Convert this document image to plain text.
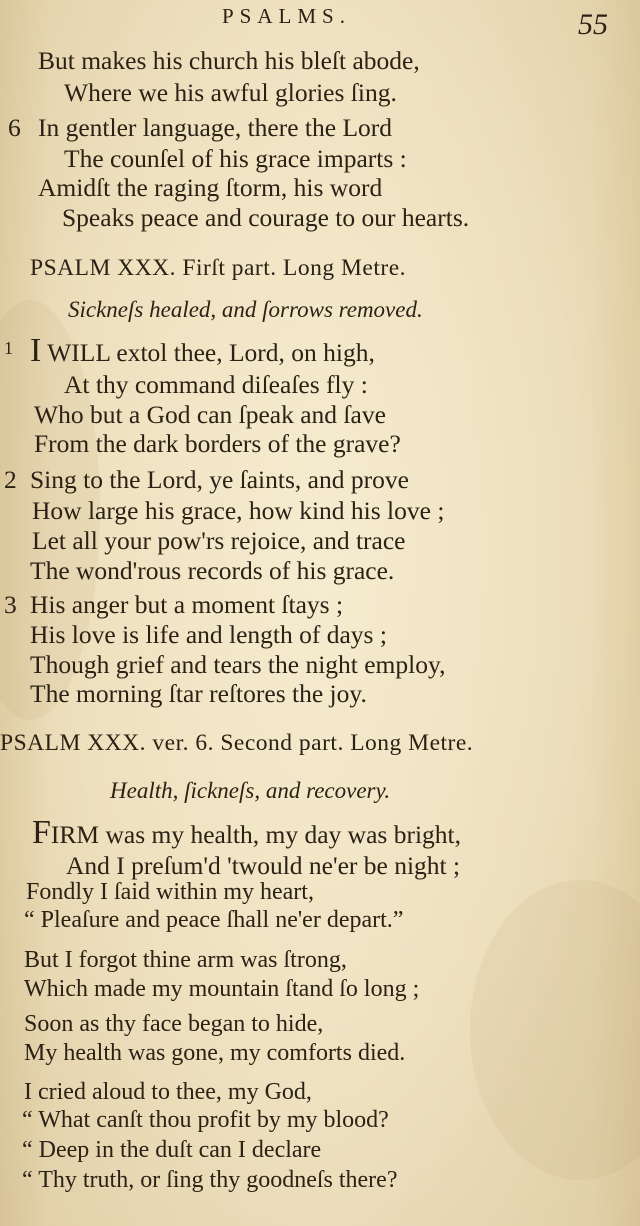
PSALMS.	55
But makes his church his bleſt abode,
Where we his awful glories ſing.
6 In gentler language, there the Lord
The counſel of his grace imparts :
Amidſt the raging ſtorm, his word
Speaks peace and courage to our hearts.
PSALM XXX. Firſt part. Long Metre.
Sickneſs healed, and ſorrows removed.
1 I WILL extol thee, Lord, on high,
At thy command diſeaſes fly :
Who but a God can ſpeak and ſave
From the dark borders of the grave?
2 Sing to the Lord, ye ſaints, and prove
How large his grace, how kind his love ;
Let all your pow'rs rejoice, and trace
The wond'rous records of his grace.
3 His anger but a moment ſtays ;
His love is life and length of days ;
Though grief and tears the night employ,
The morning ſtar reſtores the joy.
PSALM XXX. ver. 6. Second part. Long Metre.
Health, ſickneſs, and recovery.
FIRM was my health, my day was bright,
And I preſum'd 'twould ne'er be night ;
Fondly I ſaid within my heart,
“ Pleaſure and peace ſhall ne'er depart.”
But I forgot thine arm was ſtrong,
Which made my mountain ſtand ſo long ;
Soon as thy face began to hide,
My health was gone, my comforts died.
I cried aloud to thee, my God,
“ What canſt thou profit by my blood?
“ Deep in the duſt can I declare
“ Thy truth, or ſing thy goodneſs there?
